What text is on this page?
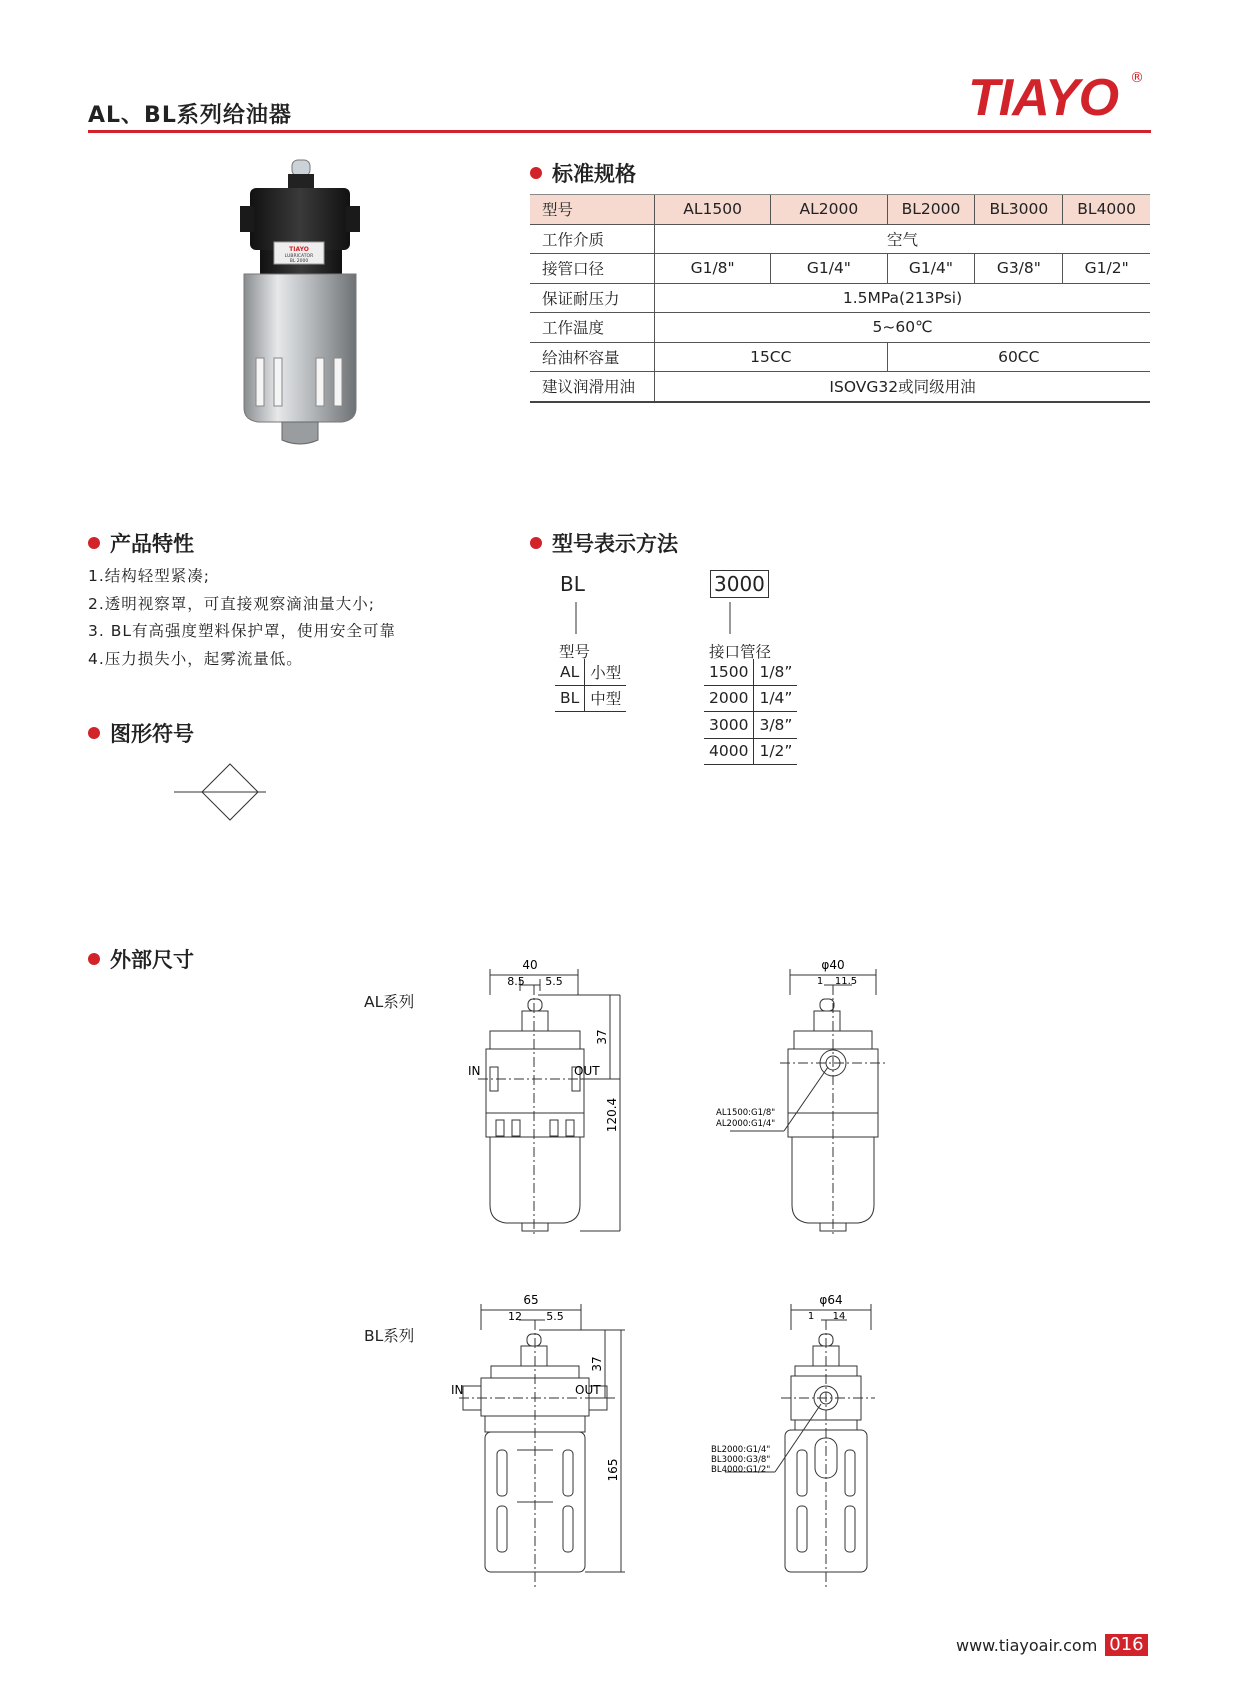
AL、BL系列给油器	TIAYO ®
TIAYO
LUBRICATOR
BL 2000
标准规格
型号	AL1500	AL2000	BL2000	BL3000	BL4000
工作介质	空气				
接管口径	G1/8"	G1/4"	G1/4"	G3/8"	G1/2"
保证耐压力	1.5MPa(213Psi)				
工作温度	5~60℃				
给油杯容量	15CC		60CC		
建议润滑用油	ISOVG32或同级用油				
产品特性
1.结构轻型紧凑;
2.透明视察罩，可直接观察滴油量大小;
3. BL有高强度塑料保护罩，使用安全可靠
4.压力损失小，起雾流量低。
型号表示方法
BL	3000
型号
AL	小型
BL	中型
接口管径
1500	1/8”
2000	1/4”
3000	3/8”
4000	1/2”
图形符号
外部尺寸
AL系列
BL系列
40
8.5 5.5
37
120.4
IN	OUT
φ40
1 11.5
AL1500:G1/8"
AL2000:G1/4"
65
12 5.5
37
165
IN	OUT
φ64
1 14
BL2000:G1/4"
BL3000:G3/8"
BL4000:G1/2"
www.tiayoair.com 016
